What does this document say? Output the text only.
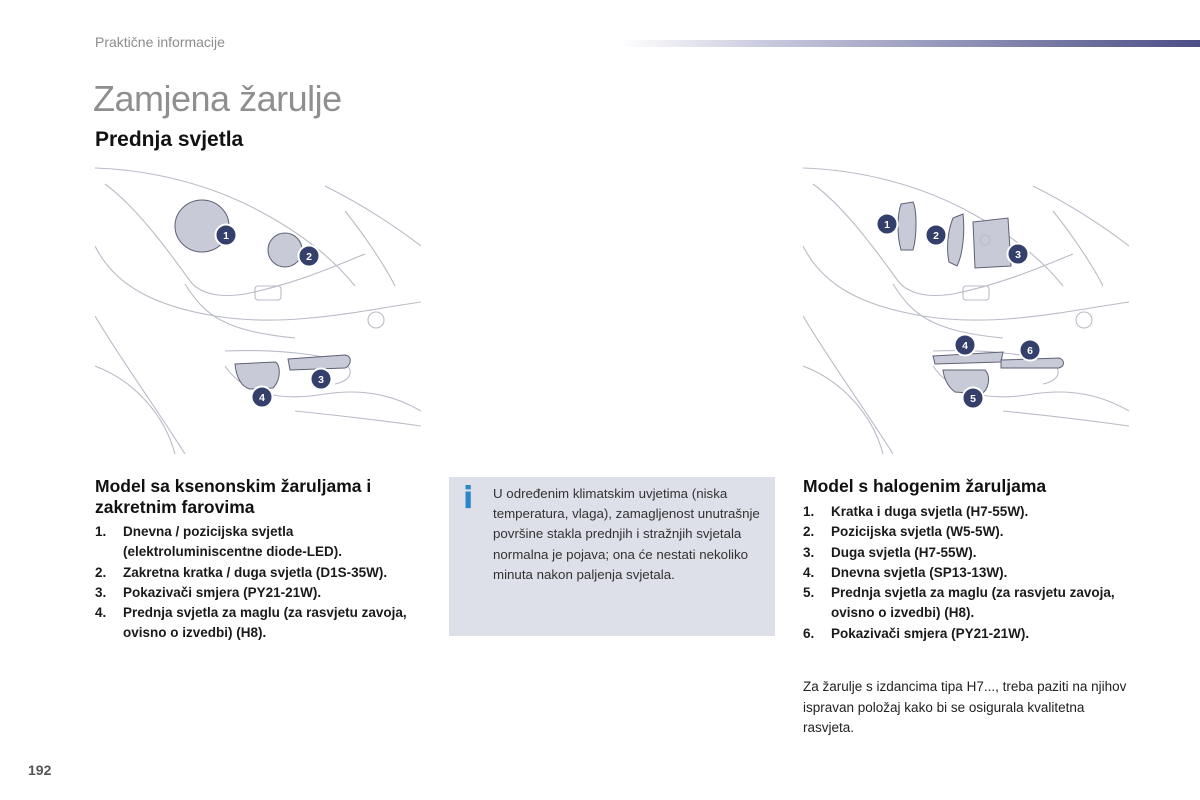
Praktične informacije
Zamjena žarulje
Prednja svjetla
1
2
3
4
1
2
3
4	6
5
Model sa ksenonskim žaruljama i zakretnim farovima
1. Dnevna / pozicijska svjetla (elektroluminiscentne diode-LED).
2. Zakretna kratka / duga svjetla (D1S-35W).
3. Pokazivači smjera (PY21-21W).
4. Prednja svjetla za maglu (za rasvjetu zavoja, ovisno o izvedbi) (H8).
i U određenim klimatskim uvjetima (niska temperatura, vlaga), zamagljenost unutrašnje površine stakla prednjih i stražnjih svjetala normalna je pojava; ona će nestati nekoliko minuta nakon paljenja svjetala.
Model s halogenim žaruljama
1. Kratka i duga svjetla (H7-55W).
2. Pozicijska svjetla (W5-5W).
3. Duga svjetla (H7-55W).
4. Dnevna svjetla (SP13-13W).
5. Prednja svjetla za maglu (za rasvjetu zavoja, ovisno o izvedbi) (H8).
6. Pokazivači smjera (PY21-21W).
Za žarulje s izdancima tipa H7..., treba paziti na njihov ispravan položaj kako bi se osigurala kvalitetna rasvjeta.
192
